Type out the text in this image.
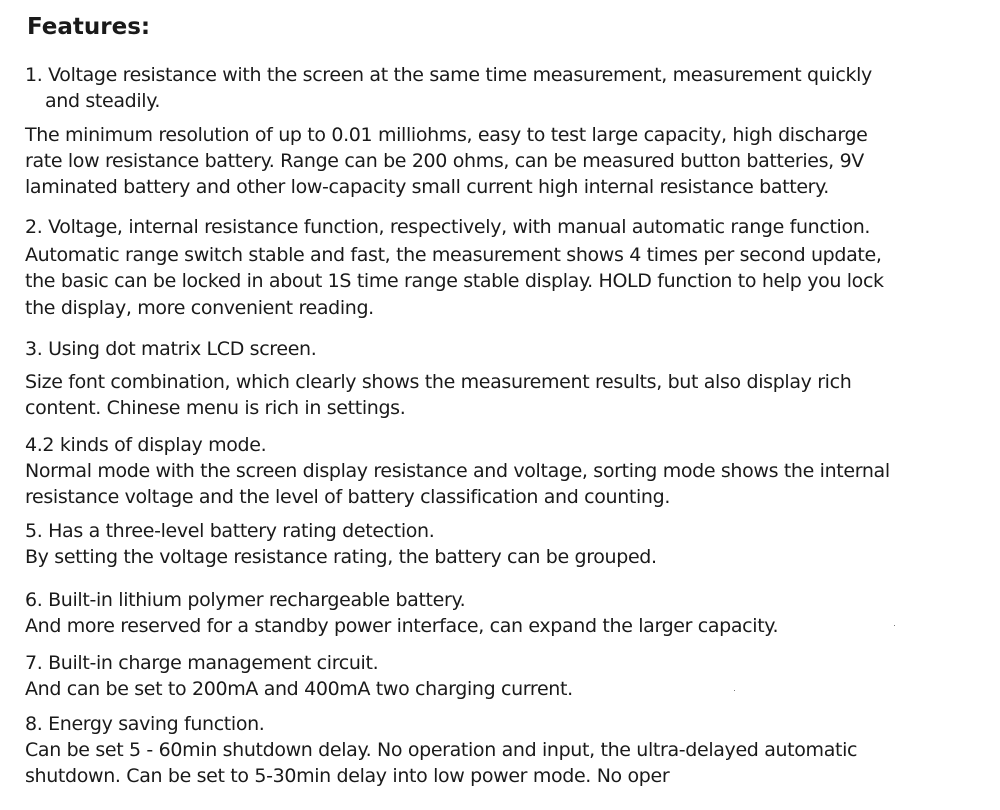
Features:

1. Voltage resistance with the screen at the same time measurement, measurement quickly

and steadily.

The minimum resolution of up to 0.01 milliohms, easy to test large capacity, high discharge

rate low resistance battery. Range can be 200 ohms, can be measured button batteries, 9V

laminated battery and other low-capacity small current high internal resistance battery.

2. Voltage, internal resistance function, respectively, with manual automatic range function.

Automatic range switch stable and fast, the measurement shows 4 times per second update,

the basic can be locked in about 1S time range stable display. HOLD function to help you lock

the display, more convenient reading.

3. Using dot matrix LCD screen.

Size font combination, which clearly shows the measurement results, but also display rich

content. Chinese menu is rich in settings.

4.2 kinds of display mode.

Normal mode with the screen display resistance and voltage, sorting mode shows the internal

resistance voltage and the level of battery classification and counting.

5. Has a three-level battery rating detection.

By setting the voltage resistance rating, the battery can be grouped.

6. Built-in lithium polymer rechargeable battery.

And more reserved for a standby power interface, can expand the larger capacity.

7. Built-in charge management circuit.

And can be set to 200mA and 400mA two charging current.

8. Energy saving function.

Can be set 5 - 60min shutdown delay. No operation and input, the ultra-delayed automatic

shutdown. Can be set to 5-30min delay into low power mode. No oper
